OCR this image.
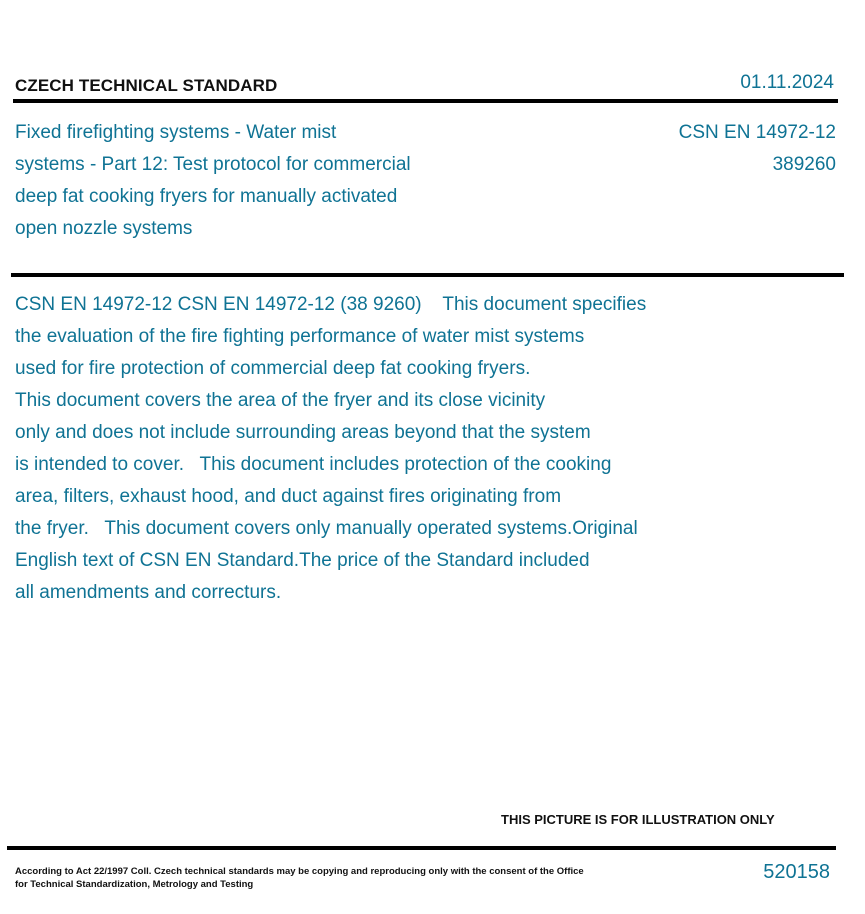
CZECH TECHNICAL STANDARD	01.11.2024
Fixed firefighting systems - Water mist
systems - Part 12: Test protocol for commercial
deep fat cooking fryers for manually activated
open nozzle systems
CSN EN 14972-12
389260
CSN EN 14972-12 CSN EN 14972-12 (38 9260)    This document specifies
the evaluation of the fire fighting performance of water mist systems
used for fire protection of commercial deep fat cooking fryers.
This document covers the area of the fryer and its close vicinity
only and does not include surrounding areas beyond that the system
is intended to cover.   This document includes protection of the cooking
area, filters, exhaust hood, and duct against fires originating from
the fryer.   This document covers only manually operated systems.Original
English text of CSN EN Standard.The price of the Standard included
all amendments and correcturs.
THIS PICTURE IS FOR ILLUSTRATION ONLY
According to Act 22/1997 Coll. Czech technical standards may be copying and reproducing only with the consent of the Office
for Technical Standardization, Metrology and Testing
520158
